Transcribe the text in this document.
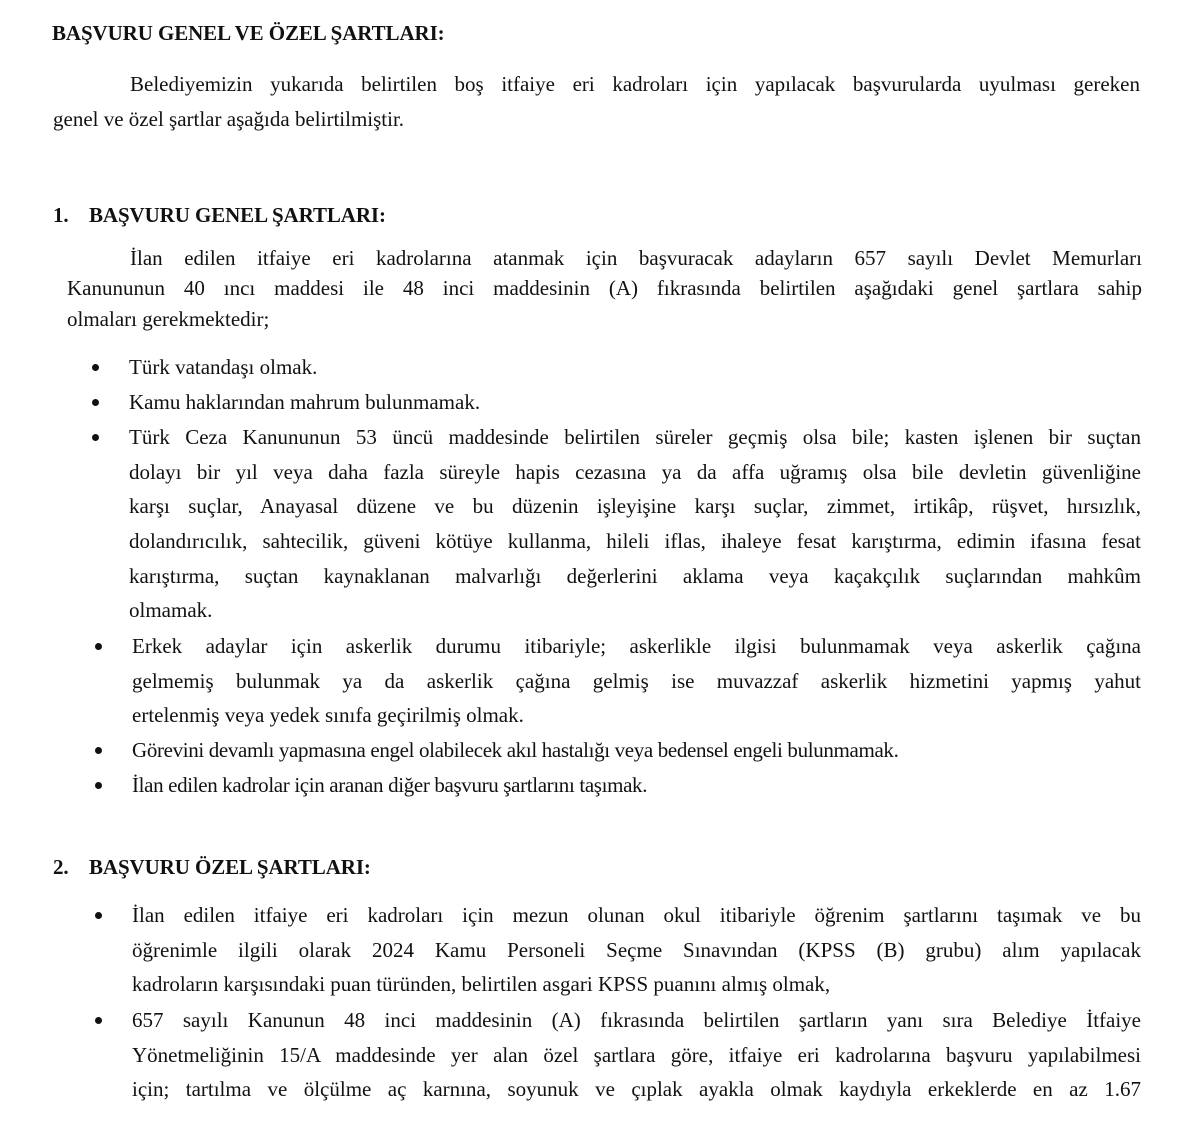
BAŞVURU GENEL VE ÖZEL ŞARTLARI:
Belediyemizin yukarıda belirtilen boş itfaiye eri kadroları için yapılacak başvurularda uyulması gereken
genel ve özel şartlar aşağıda belirtilmiştir.
1. BAŞVURU GENEL ŞARTLARI:
İlan edilen itfaiye eri kadrolarına atanmak için başvuracak adayların 657 sayılı Devlet Memurları
Kanununun 40 ıncı maddesi ile 48 inci maddesinin (A) fıkrasında belirtilen aşağıdaki genel şartlara sahip
olmaları gerekmektedir;
Türk vatandaşı olmak.
Kamu haklarından mahrum bulunmamak.
Türk Ceza Kanununun 53 üncü maddesinde belirtilen süreler geçmiş olsa bile; kasten işlenen bir suçtan
dolayı bir yıl veya daha fazla süreyle hapis cezasına ya da affa uğramış olsa bile devletin güvenliğine
karşı suçlar, Anayasal düzene ve bu düzenin işleyişine karşı suçlar, zimmet, irtikâp, rüşvet, hırsızlık,
dolandırıcılık, sahtecilik, güveni kötüye kullanma, hileli iflas, ihaleye fesat karıştırma, edimin ifasına fesat
karıştırma, suçtan kaynaklanan malvarlığı değerlerini aklama veya kaçakçılık suçlarından mahkûm
olmamak.
Erkek adaylar için askerlik durumu itibariyle; askerlikle ilgisi bulunmamak veya askerlik çağına
gelmemiş bulunmak ya da askerlik çağına gelmiş ise muvazzaf askerlik hizmetini yapmış yahut
ertelenmiş veya yedek sınıfa geçirilmiş olmak.
Görevini devamlı yapmasına engel olabilecek akıl hastalığı veya bedensel engeli bulunmamak.
İlan edilen kadrolar için aranan diğer başvuru şartlarını taşımak.
2. BAŞVURU ÖZEL ŞARTLARI:
İlan edilen itfaiye eri kadroları için mezun olunan okul itibariyle öğrenim şartlarını taşımak ve bu
öğrenimle ilgili olarak 2024 Kamu Personeli Seçme Sınavından (KPSS (B) grubu) alım yapılacak
kadroların karşısındaki puan türünden, belirtilen asgari KPSS puanını almış olmak,
657 sayılı Kanunun 48 inci maddesinin (A) fıkrasında belirtilen şartların yanı sıra Belediye İtfaiye
Yönetmeliğinin 15/A maddesinde yer alan özel şartlara göre, itfaiye eri kadrolarına başvuru yapılabilmesi
için; tartılma ve ölçülme aç karnına, soyunuk ve çıplak ayakla olmak kaydıyla erkeklerde en az 1.67
